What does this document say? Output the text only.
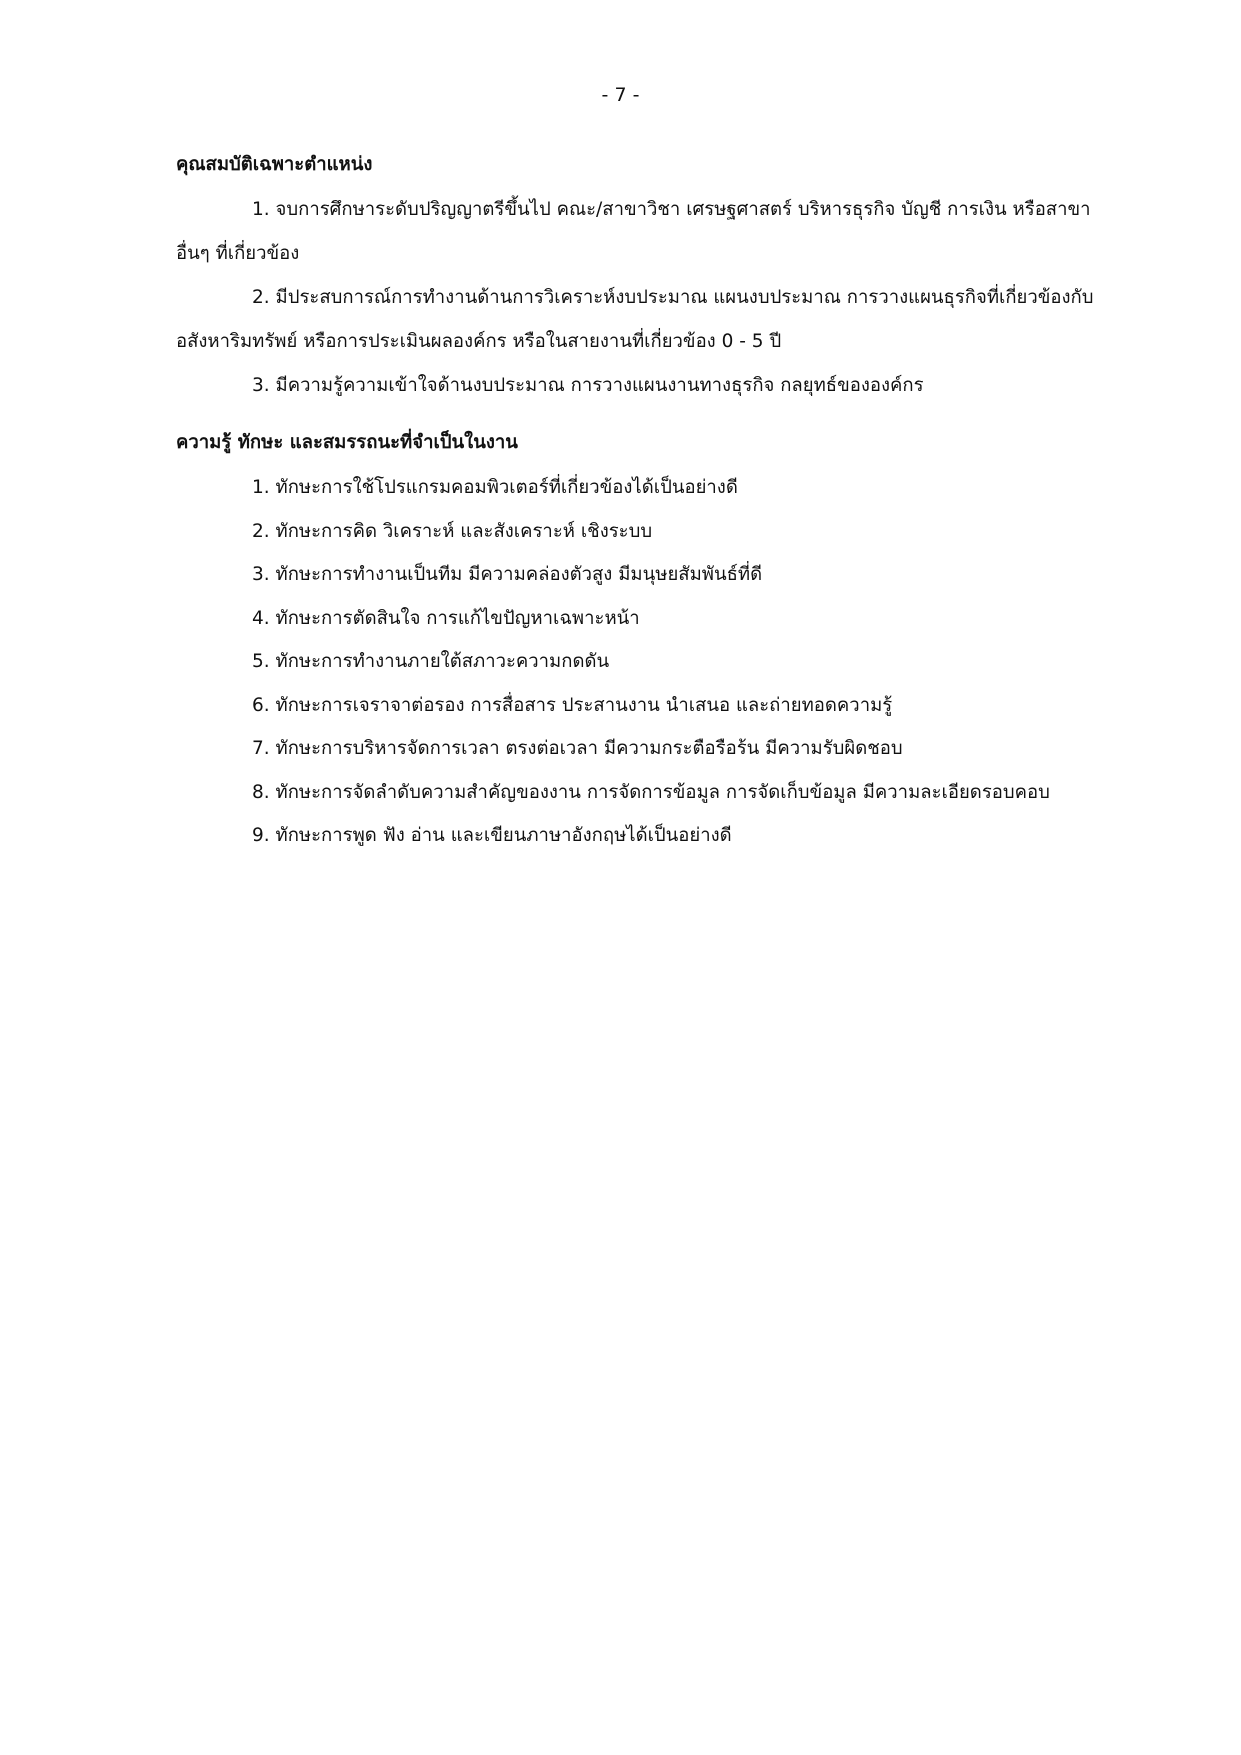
- 7 -
คุณสมบัติเฉพาะตำแหน่ง

1. จบการศึกษาระดับปริญญาตรีขึ้นไป คณะ/สาขาวิชา เศรษฐศาสตร์ บริหารธุรกิจ บัญชี การเงิน หรือสาขาอื่นๆ ที่เกี่ยวข้อง

2. มีประสบการณ์การทำงานด้านการวิเคราะห์งบประมาณ แผนงบประมาณ การวางแผนธุรกิจที่เกี่ยวข้องกับอสังหาริมทรัพย์ หรือการประเมินผลองค์กร หรือในสายงานที่เกี่ยวข้อง 0 - 5 ปี

3. มีความรู้ความเข้าใจด้านงบประมาณ การวางแผนงานทางธุรกิจ กลยุทธ์ขององค์กร

ความรู้ ทักษะ และสมรรถนะที่จำเป็นในงาน
1. ทักษะการใช้โปรแกรมคอมพิวเตอร์ที่เกี่ยวข้องได้เป็นอย่างดี
2. ทักษะการคิด วิเคราะห์ และสังเคราะห์ เชิงระบบ
3. ทักษะการทำงานเป็นทีม มีความคล่องตัวสูง มีมนุษยสัมพันธ์ที่ดี
4. ทักษะการตัดสินใจ การแก้ไขปัญหาเฉพาะหน้า
5. ทักษะการทำงานภายใต้สภาวะความกดดัน
6. ทักษะการเจราจาต่อรอง การสื่อสาร ประสานงาน นำเสนอ และถ่ายทอดความรู้
7. ทักษะการบริหารจัดการเวลา ตรงต่อเวลา มีความกระตือรือร้น มีความรับผิดชอบ
8. ทักษะการจัดลำดับความสำคัญของงาน การจัดการข้อมูล การจัดเก็บข้อมูล มีความละเอียดรอบคอบ
9. ทักษะการพูด ฟัง อ่าน และเขียนภาษาอังกฤษได้เป็นอย่างดี
